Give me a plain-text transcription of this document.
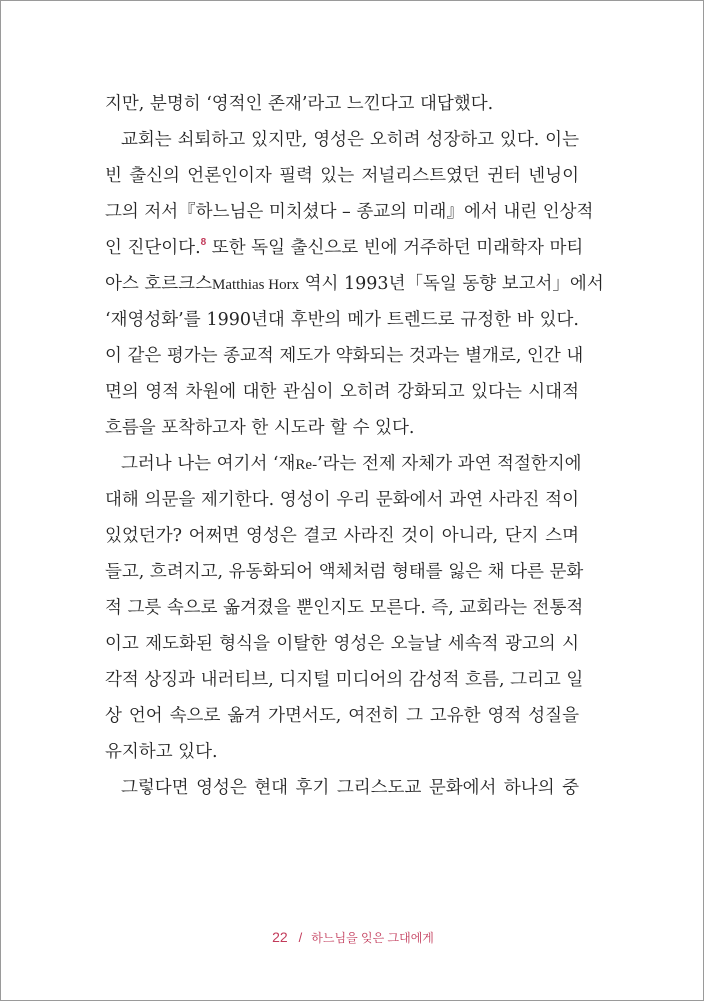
지만, 분명히 ‘영적인 존재’라고 느낀다고 대답했다.
교회는 쇠퇴하고 있지만, 영성은 오히려 성장하고 있다. 이는
빈 출신의 언론인이자 필력 있는 저널리스트였던 귄터 넨닝이
그의 저서『하느님은 미치셨다 – 종교의 미래』에서 내린 인상적
인 진단이다.$^8$ 또한 독일 출신으로 빈에 거주하던 미래학자 마티
아스 호르크스Matthias Horx 역시 1993년「독일 동향 보고서」에서
‘재영성화’를 1990년대 후반의 메가 트렌드로 규정한 바 있다.
이 같은 평가는 종교적 제도가 약화되는 것과는 별개로, 인간 내
면의 영적 차원에 대한 관심이 오히려 강화되고 있다는 시대적
흐름을 포착하고자 한 시도라 할 수 있다.
그러나 나는 여기서 ‘재Re-’라는 전제 자체가 과연 적절한지에
대해 의문을 제기한다. 영성이 우리 문화에서 과연 사라진 적이
있었던가? 어쩌면 영성은 결코 사라진 것이 아니라, 단지 스며
들고, 흐려지고, 유동화되어 액체처럼 형태를 잃은 채 다른 문화
적 그릇 속으로 옮겨졌을 뿐인지도 모른다. 즉, 교회라는 전통적
이고 제도화된 형식을 이탈한 영성은 오늘날 세속적 광고의 시
각적 상징과 내러티브, 디지털 미디어의 감성적 흐름, 그리고 일
상 언어 속으로 옮겨 가면서도, 여전히 그 고유한 영적 성질을
유지하고 있다.
그렇다면 영성은 현대 후기 그리스도교 문화에서 하나의 중
22 / 하느님을 잊은 그대에게
